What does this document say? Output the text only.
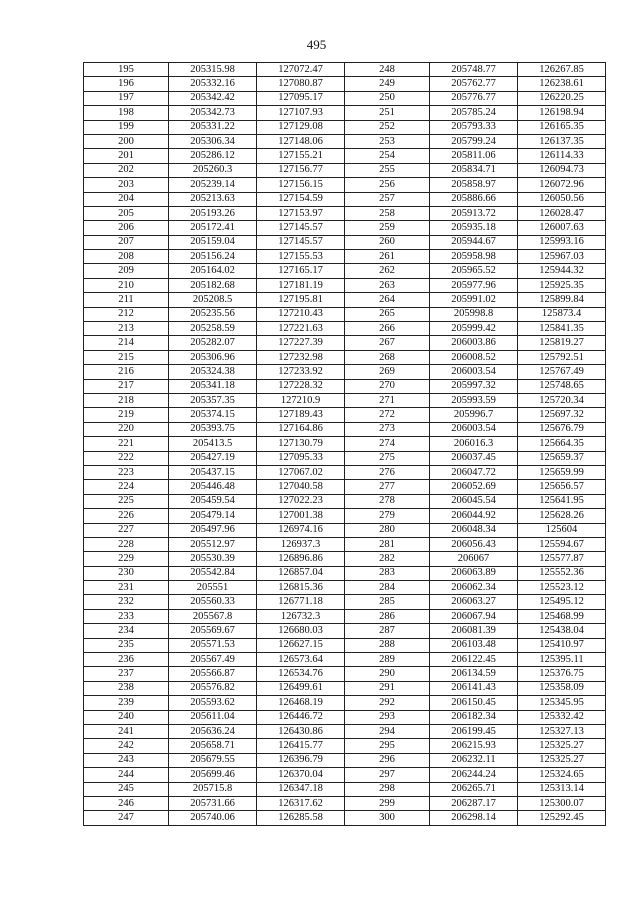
495
195	205315.98	127072.47	248	205748.77	126267.85
196	205332.16	127080.87	249	205762.77	126238.61
197	205342.42	127095.17	250	205776.77	126220.25
198	205342.73	127107.93	251	205785.24	126198.94
199	205331.22	127129.08	252	205793.33	126165.35
200	205306.34	127148.06	253	205799.24	126137.35
201	205286.12	127155.21	254	205811.06	126114.33
202	205260.3	127156.77	255	205834.71	126094.73
203	205239.14	127156.15	256	205858.97	126072.96
204	205213.63	127154.59	257	205886.66	126050.56
205	205193.26	127153.97	258	205913.72	126028.47
206	205172.41	127145.57	259	205935.18	126007.63
207	205159.04	127145.57	260	205944.67	125993.16
208	205156.24	127155.53	261	205958.98	125967.03
209	205164.02	127165.17	262	205965.52	125944.32
210	205182.68	127181.19	263	205977.96	125925.35
211	205208.5	127195.81	264	205991.02	125899.84
212	205235.56	127210.43	265	205998.8	125873.4
213	205258.59	127221.63	266	205999.42	125841.35
214	205282.07	127227.39	267	206003.86	125819.27
215	205306.96	127232.98	268	206008.52	125792.51
216	205324.38	127233.92	269	206003.54	125767.49
217	205341.18	127228.32	270	205997.32	125748.65
218	205357.35	127210.9	271	205993.59	125720.34
219	205374.15	127189.43	272	205996.7	125697.32
220	205393.75	127164.86	273	206003.54	125676.79
221	205413.5	127130.79	274	206016.3	125664.35
222	205427.19	127095.33	275	206037.45	125659.37
223	205437.15	127067.02	276	206047.72	125659.99
224	205446.48	127040.58	277	206052.69	125656.57
225	205459.54	127022.23	278	206045.54	125641.95
226	205479.14	127001.38	279	206044.92	125628.26
227	205497.96	126974.16	280	206048.34	125604
228	205512.97	126937.3	281	206056.43	125594.67
229	205530.39	126896.86	282	206067	125577.87
230	205542.84	126857.04	283	206063.89	125552.36
231	205551	126815.36	284	206062.34	125523.12
232	205560.33	126771.18	285	206063.27	125495.12
233	205567.8	126732.3	286	206067.94	125468.99
234	205569.67	126680.03	287	206081.39	125438.04
235	205571.53	126627.15	288	206103.48	125410.97
236	205567.49	126573.64	289	206122.45	125395.11
237	205566.87	126534.76	290	206134.59	125376.75
238	205576.82	126499.61	291	206141.43	125358.09
239	205593.62	126468.19	292	206150.45	125345.95
240	205611.04	126446.72	293	206182.34	125332.42
241	205636.24	126430.86	294	206199.45	125327.13
242	205658.71	126415.77	295	206215.93	125325.27
243	205679.55	126396.79	296	206232.11	125325.27
244	205699.46	126370.04	297	206244.24	125324.65
245	205715.8	126347.18	298	206265.71	125313.14
246	205731.66	126317.62	299	206287.17	125300.07
247	205740.06	126285.58	300	206298.14	125292.45
